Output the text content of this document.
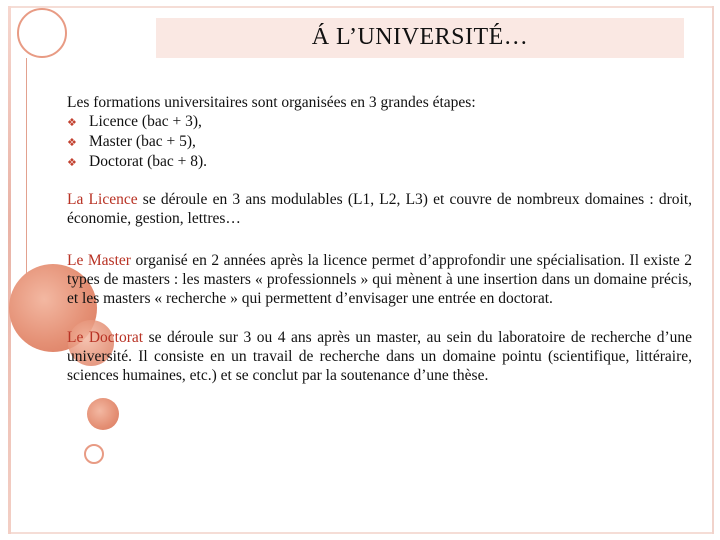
Á L’UNIVERSITÉ…

Les formations universitaires sont organisées en 3 grandes étapes:

❖ Licence (bac + 3),
❖ Master (bac + 5),
❖ Doctorat (bac + 8).

La Licence se déroule en 3 ans modulables (L1, L2, L3) et couvre de nombreux domaines : droit, économie, gestion, lettres…

Le Master organisé en 2 années après la licence permet d’approfondir une spécialisation. Il existe 2 types de masters : les masters « professionnels » qui mènent à une insertion dans un domaine précis, et les masters « recherche » qui permettent d’envisager une entrée en doctorat.

Le Doctorat se déroule sur 3 ou 4 ans après un master, au sein du laboratoire de recherche d’une université. Il consiste en un travail de recherche dans un domaine pointu (scientifique, littéraire, sciences humaines, etc.) et se conclut par la soutenance d’une thèse.
